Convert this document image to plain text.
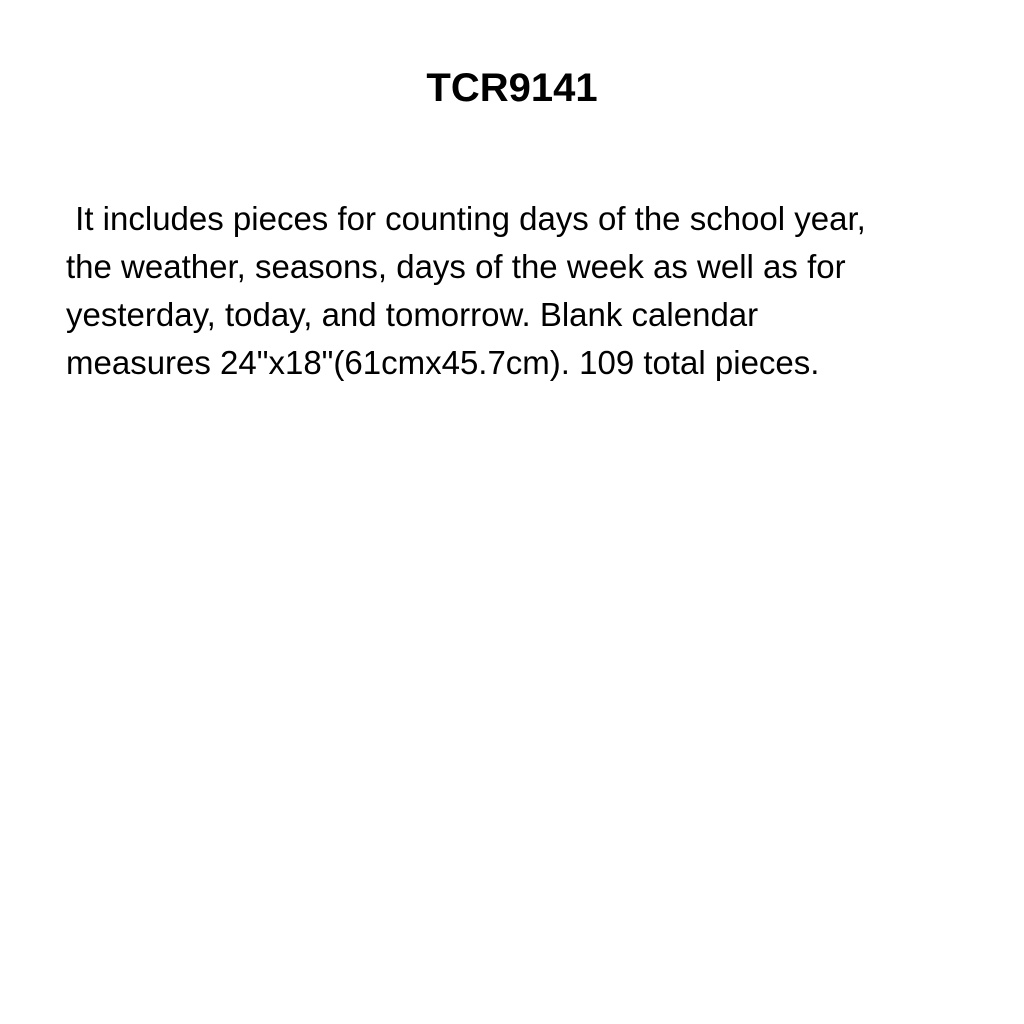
TCR9141

It includes pieces for counting days of the school year,
the weather, seasons, days of the week as well as for
yesterday, today, and tomorrow. Blank calendar
measures 24"x18"(61cmx45.7cm). 109 total pieces.
